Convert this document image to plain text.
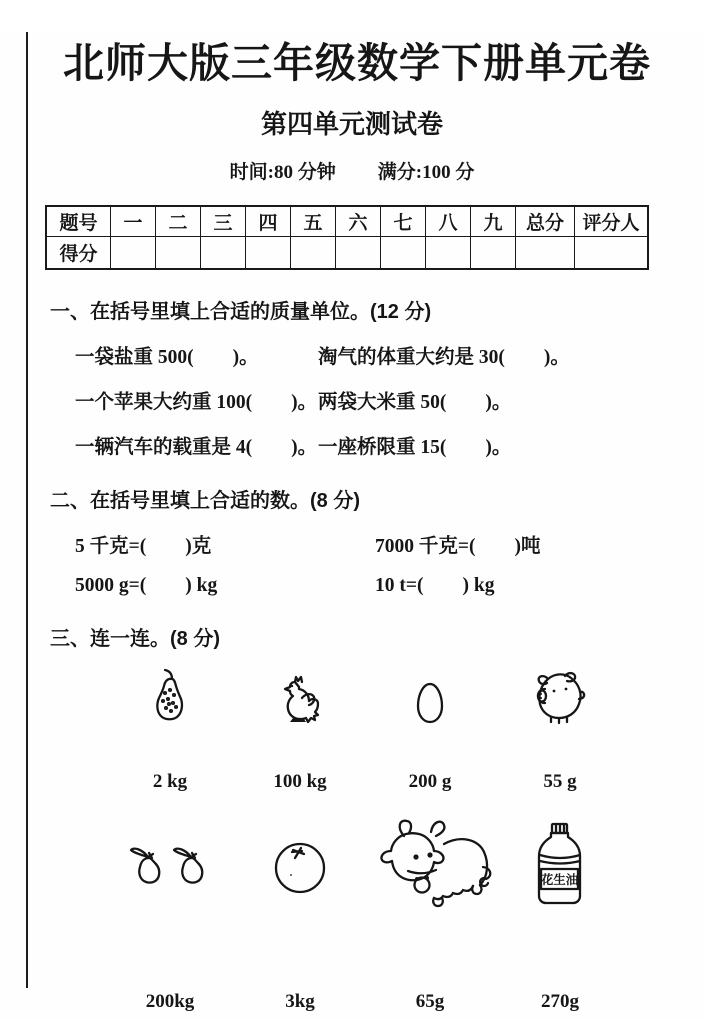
北师大版三年级数学下册单元卷
第四单元测试卷
时间:80 分钟 满分:100 分
题号	一	二	三	四	五	六	七	八	九	总分	评分人
得分											
一、在括号里填上合适的质量单位。(12 分)
一袋盐重 500(        )。	淘气的体重大约是 30(        )。
一个苹果大约重 100(        )。 两袋大米重 50(        )。
一辆汽车的载重是 4(        )。 一座桥限重 15(        )。
二、在括号里填上合适的数。(8 分)
5 千克=(        )克	7000 千克=(        )吨
5000 g=(        ) kg	10 t=(        ) kg
三、连一连。(8 分)
2 kg	100 kg	200 g	55 g
花生油
200kg	3kg	65g	270g
